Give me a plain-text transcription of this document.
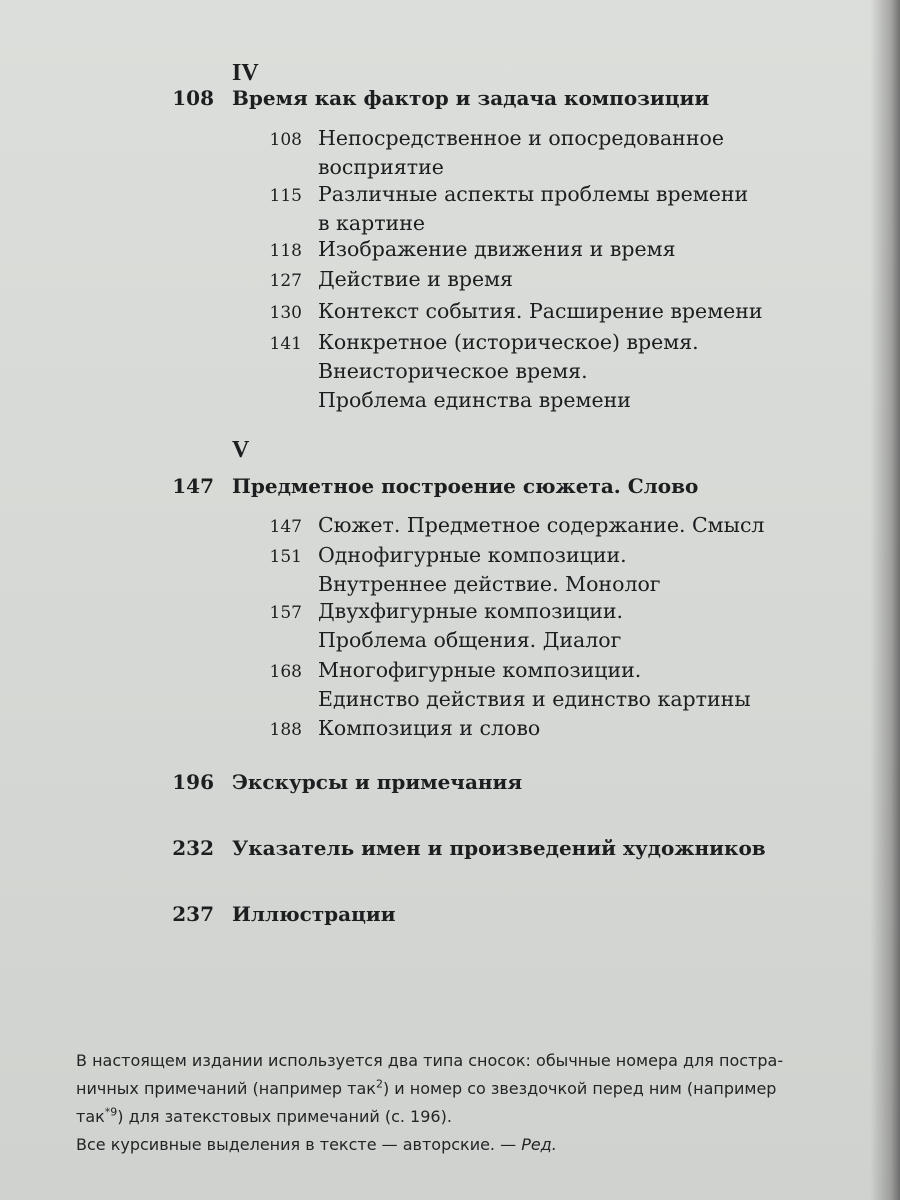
IV
108 Время как фактор и задача композиции
108 Непосредственное и опосредованное
восприятие
115 Различные аспекты проблемы времени
в картине
118 Изображение движения и время
127 Действие и время
130 Контекст события. Расширение времени
141 Конкретное (историческое) время.
Внеисторическое время.
Проблема единства времени
V
147 Предметное построение сюжета. Слово
147 Сюжет. Предметное содержание. Смысл
151 Однофигурные композиции.
Внутреннее действие. Монолог
157 Двухфигурные композиции.
Проблема общения. Диалог
168 Многофигурные композиции.
Единство действия и единство картины
188 Композиция и слово
196 Экскурсы и примечания
232 Указатель имен и произведений художников
237 Иллюстрации
В настоящем издании используется два типа сносок: обычные номера для постра-
ничных примечаний (например так$^2$) и номер со звездочкой перед ним (например
так$^{*9}$) для затекстовых примечаний (с. 196).
Все курсивные выделения в тексте — авторские. — Ред.
